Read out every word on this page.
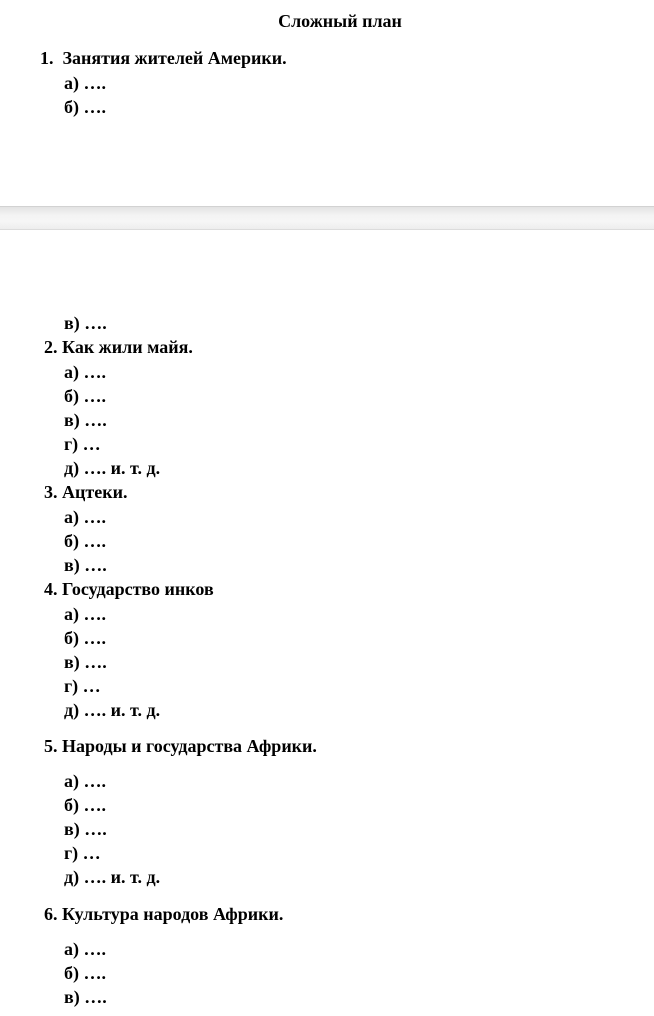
Сложный план
1. Занятия жителей Америки.
а) ….
б) ….
в) ….
2. Как жили майя.
а) ….
б) ….
в) ….
г) …
д) …. и. т. д.
3. Ацтеки.
а) ….
б) ….
в) ….
4. Государство инков
а) ….
б) ….
в) ….
г) …
д) …. и. т. д.
5. Народы и государства Африки.
а) ….
б) ….
в) ….
г) …
д) …. и. т. д.
6. Культура народов Африки.
а) ….
б) ….
в) ….
